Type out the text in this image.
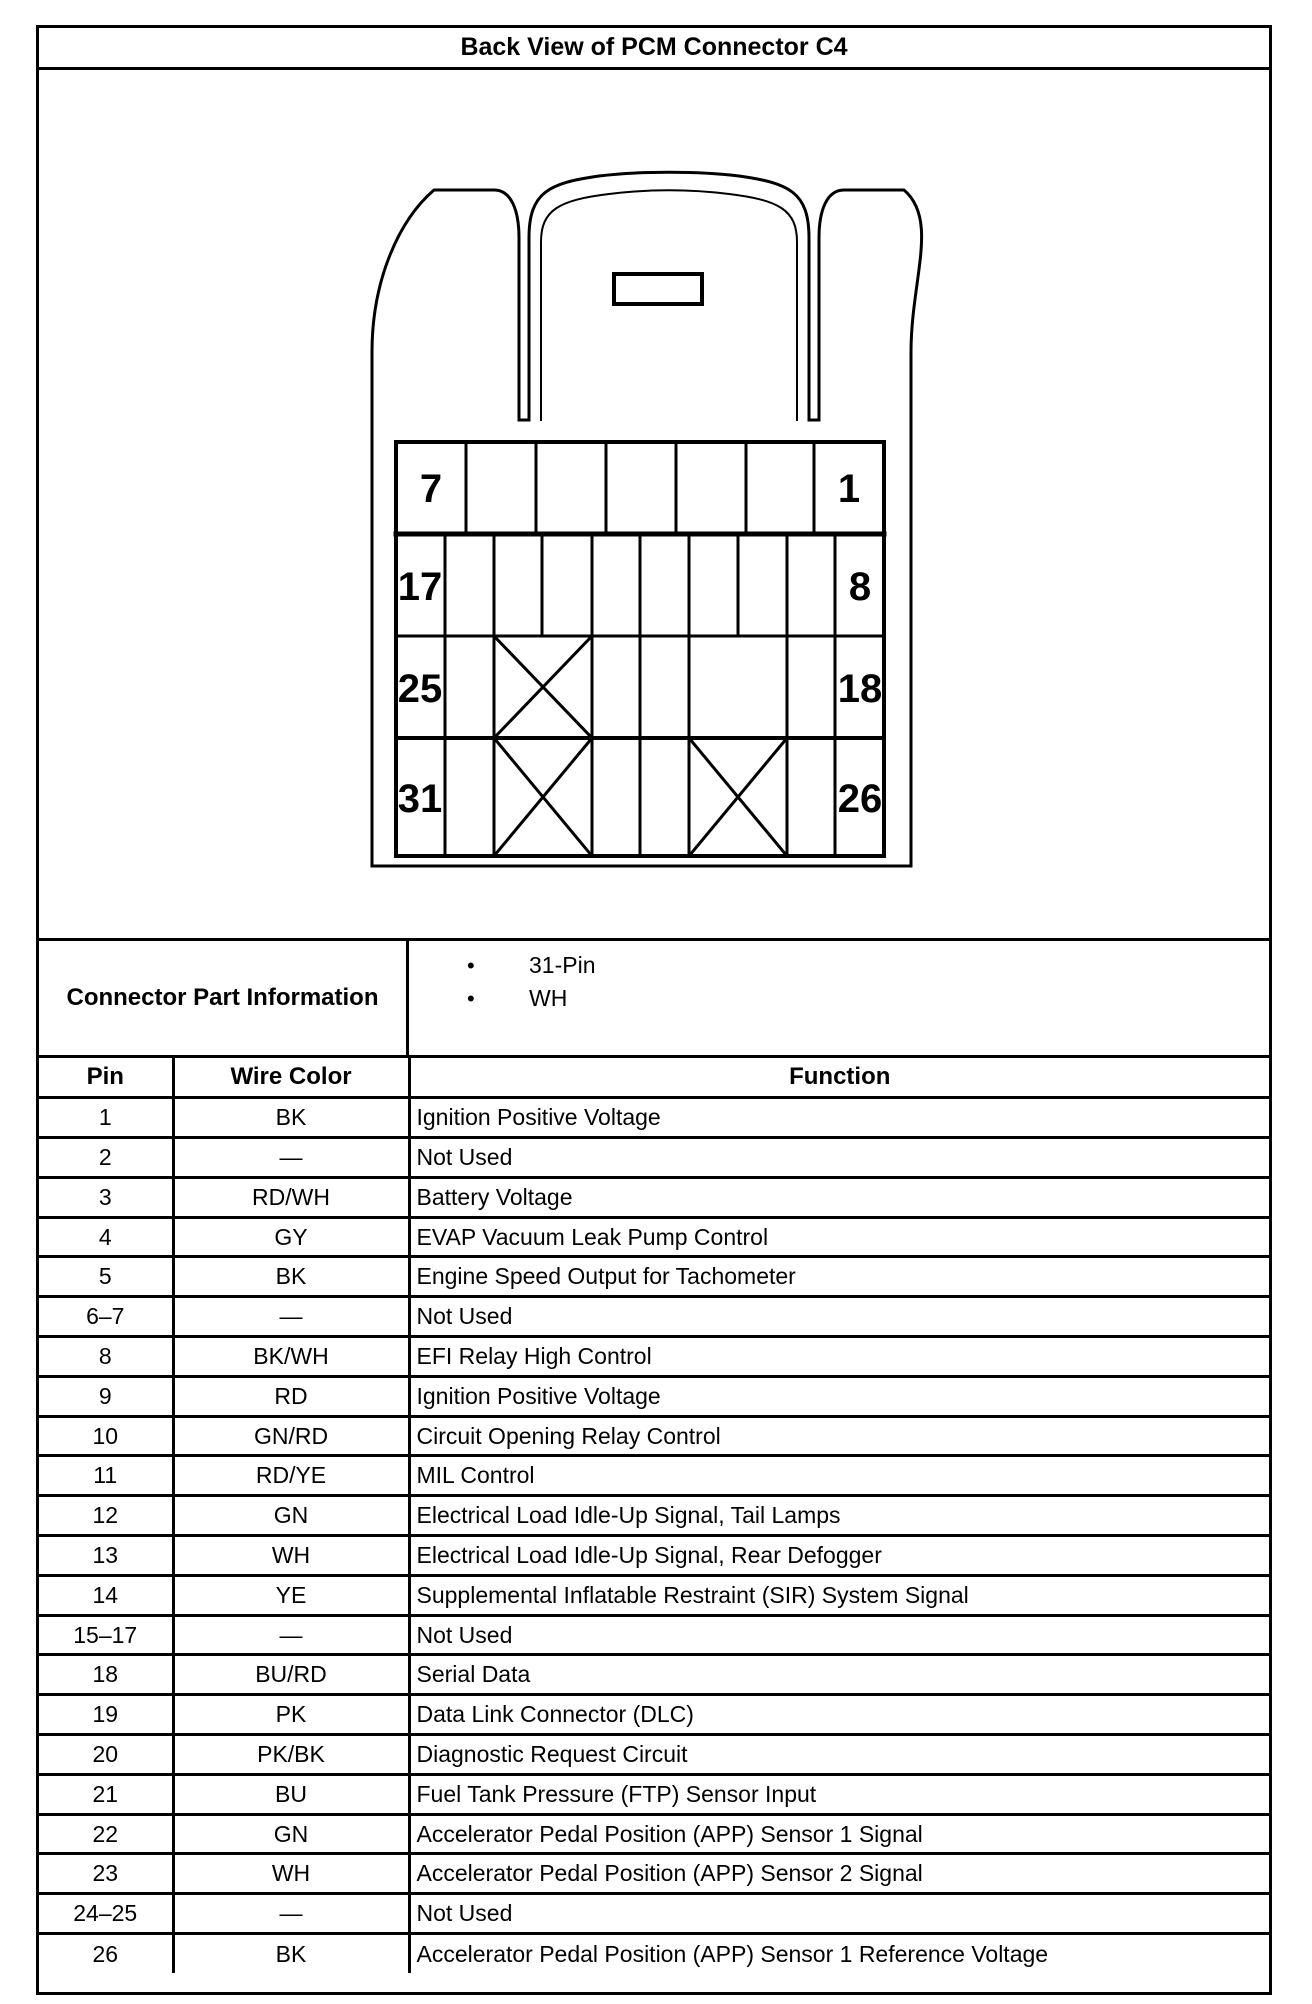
Back View of PCM Connector C4
7	1
17	8
25	18
31	26
Connector Part Information
• 31-Pin
• WH
Pin	Wire Color	Function
1	BK	Ignition Positive Voltage
2	—	Not Used
3	RD/WH	Battery Voltage
4	GY	EVAP Vacuum Leak Pump Control
5	BK	Engine Speed Output for Tachometer
6–7	—	Not Used
8	BK/WH	EFI Relay High Control
9	RD	Ignition Positive Voltage
10	GN/RD	Circuit Opening Relay Control
11	RD/YE	MIL Control
12	GN	Electrical Load Idle-Up Signal, Tail Lamps
13	WH	Electrical Load Idle-Up Signal, Rear Defogger
14	YE	Supplemental Inflatable Restraint (SIR) System Signal
15–17	—	Not Used
18	BU/RD	Serial Data
19	PK	Data Link Connector (DLC)
20	PK/BK	Diagnostic Request Circuit
21	BU	Fuel Tank Pressure (FTP) Sensor Input
22	GN	Accelerator Pedal Position (APP) Sensor 1 Signal
23	WH	Accelerator Pedal Position (APP) Sensor 2 Signal
24–25	—	Not Used
26	BK	Accelerator Pedal Position (APP) Sensor 1 Reference Voltage
